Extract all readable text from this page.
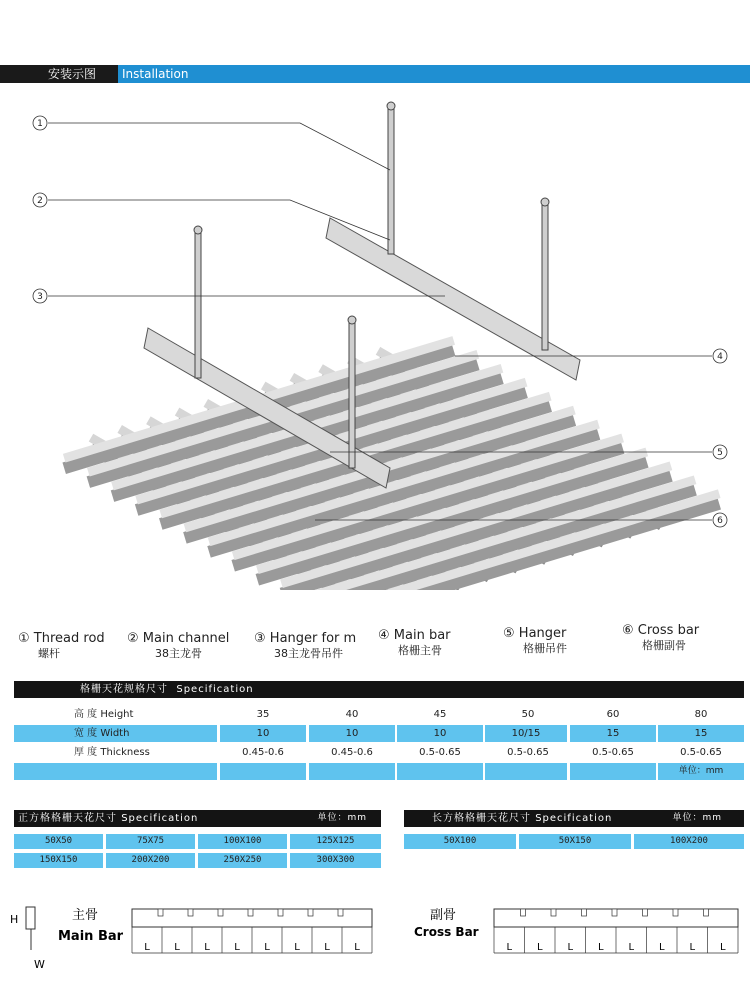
安装示图	Installation
1
2
3
4
5
6
① Thread rod
螺杆
② Main channel
38主龙骨
③ Hanger for m
38主龙骨吊件
④ Main bar
格栅主骨
⑤ Hanger
格栅吊件
⑥ Cross bar
格栅副骨
格栅天花规格尺寸 Specification
高 度 Height	35	40	45	50	60	80
宽 度 Width	10	10	10	10/15	15	15
厚 度 Thickness	0.45-0.6	0.45-0.6	0.5-0.65	0.5-0.65	0.5-0.65	0.5-0.65
单位：mm
正方格格栅天花尺寸 Specification	单位：mm
50X50	75X75	100X100	125X125
150X150	200X200	250X250	300X300
长方格格栅天花尺寸 Specification	单位：mm
50X100	50X150	100X200
H
W
主骨
Main Bar
L L L L L L L L
副骨
Cross Bar
L L L L L L L L
